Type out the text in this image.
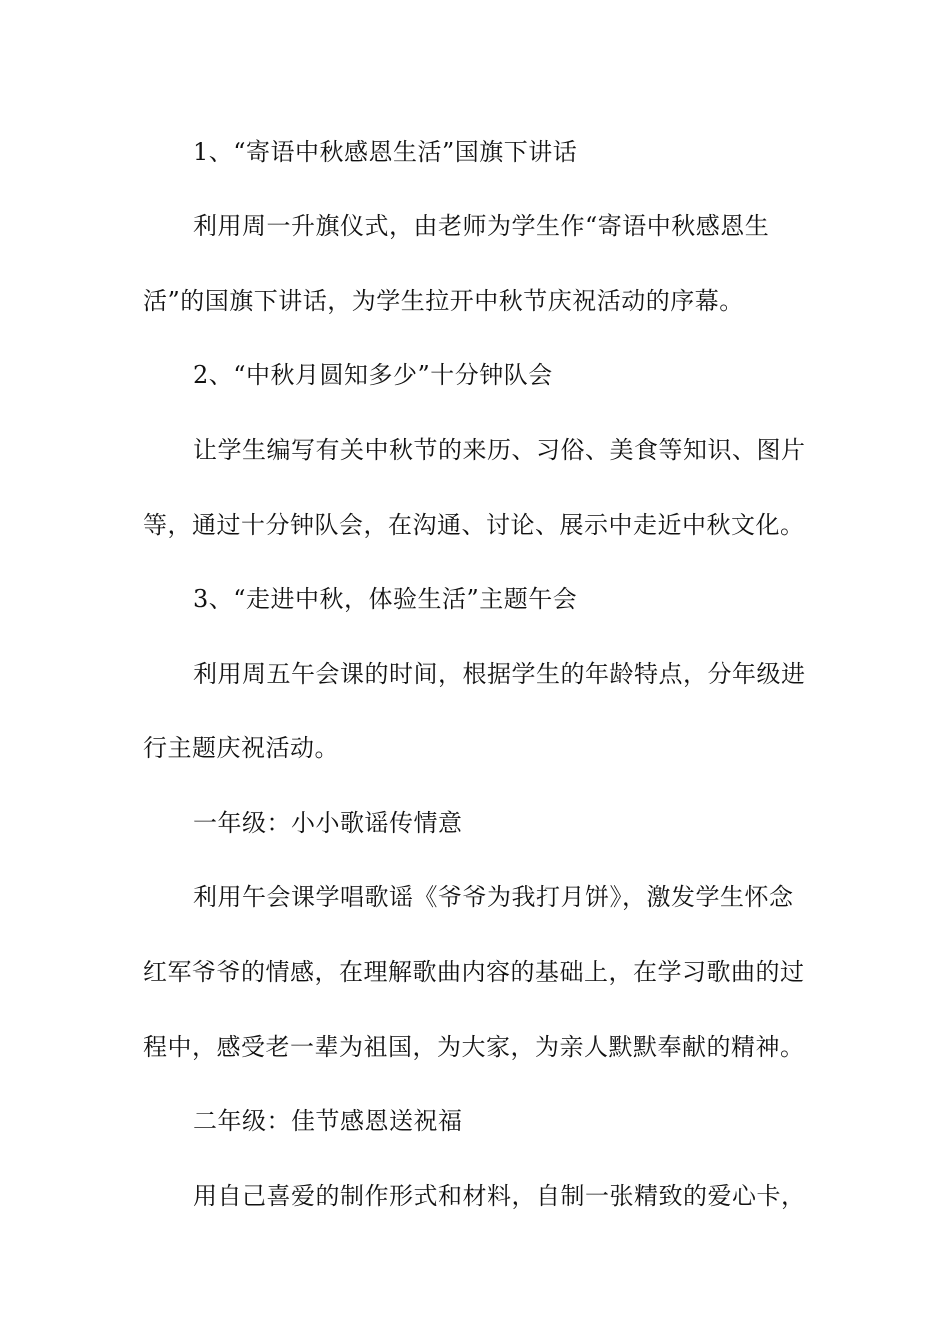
1、“寄语中秋感恩生活”国旗下讲话
利用周一升旗仪式，由老师为学生作“寄语中秋感恩生
活”的国旗下讲话，为学生拉开中秋节庆祝活动的序幕。
2、“中秋月圆知多少”十分钟队会
让学生编写有关中秋节的来历、习俗、美食等知识、图片
等，通过十分钟队会，在沟通、讨论、展示中走近中秋文化。
3、“走进中秋，体验生活”主题午会
利用周五午会课的时间，根据学生的年龄特点，分年级进
行主题庆祝活动。
一年级：小小歌谣传情意
利用午会课学唱歌谣《爷爷为我打月饼》，激发学生怀念
红军爷爷的情感，在理解歌曲内容的基础上，在学习歌曲的过
程中，感受老一辈为祖国，为大家，为亲人默默奉献的精神。
二年级：佳节感恩送祝福
用自己喜爱的制作形式和材料，自制一张精致的爱心卡，
